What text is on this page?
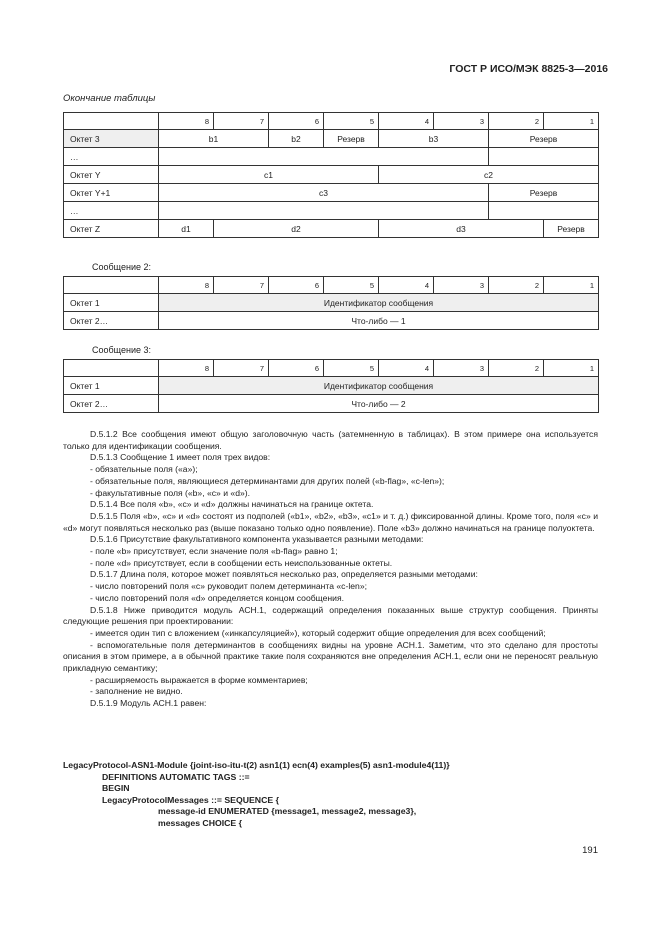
ГОСТ Р ИСО/МЭК 8825-3—2016
Окончание таблицы
	8	7	6	5	4	3	2	1
Октет 3	b1		b2	Резерв	b3		Резерв	
…								
Октет Y	c1				c2			
Октет Y+1	c3						Резерв	
…								
Октет Z	d1	d2			d3			Резерв
Сообщение 2:
	8	7	6	5	4	3	2	1
Октет 1	Идентификатор сообщения							
Октет 2…	Что-либо — 1							
Сообщение 3:
	8	7	6	5	4	3	2	1
Октет 1	Идентификатор сообщения							
Октет 2…	Что-либо — 2							

D.5.1.2 Все сообщения имеют общую заголовочную часть (затемненную в таблицах). В этом примере она используется только для идентификации сообщения.

D.5.1.3 Сообщение 1 имеет поля трех видов:

- обязательные поля («a»);

- обязательные поля, являющиеся детерминантами для других полей («b-flag», «c-len»);

- факультативные поля («b», «c» и «d»).

D.5.1.4 Все поля «b», «c» и «d» должны начинаться на границе октета.

D.5.1.5 Поля «b», «c» и «d» состоят из подполей («b1», «b2», «b3», «c1» и т. д.) фиксированной длины. Кроме того, поля «c» и «d» могут появляться несколько раз (выше показано только одно появление). Поле «b3» должно начинаться на границе полуоктета.

D.5.1.6 Присутствие факультативного компонента указывается разными методами:

- поле «b» присутствует, если значение поля «b-flag» равно 1;

- поле «d» присутствует, если в сообщении есть неиспользованные октеты.

D.5.1.7 Длина поля, которое может появляться несколько раз, определяется разными методами:

- число повторений поля «c» руководит полем детерминанта «c-len»;

- число повторений поля «d» определяется концом сообщения.

D.5.1.8 Ниже приводится модуль АСН.1, содержащий определения показанных выше структур сообщения. Приняты следующие решения при проектировании:

- имеется один тип с вложением («инкапсуляцией»), который содержит общие определения для всех сообщений;

- вспомогательные поля детерминантов в сообщениях видны на уровне АСН.1. Заметим, что это сделано для простоты описания в этом примере, а в обычной практике такие поля сохраняются вне определения АСН.1, если они не переносят реальную прикладную семантику;

- расширяемость выражается в форме комментариев;

- заполнение не видно.

D.5.1.9 Модуль АСН.1 равен:

LegacyProtocol-ASN1-Module {joint-iso-itu-t(2) asn1(1) ecn(4) examples(5) asn1-module4(11)}
DEFINITIONS AUTOMATIC TAGS ::=
BEGIN
LegacyProtocolMessages ::= SEQUENCE {
message-id ENUMERATED {message1, message2, message3},
messages CHOICE {
191
